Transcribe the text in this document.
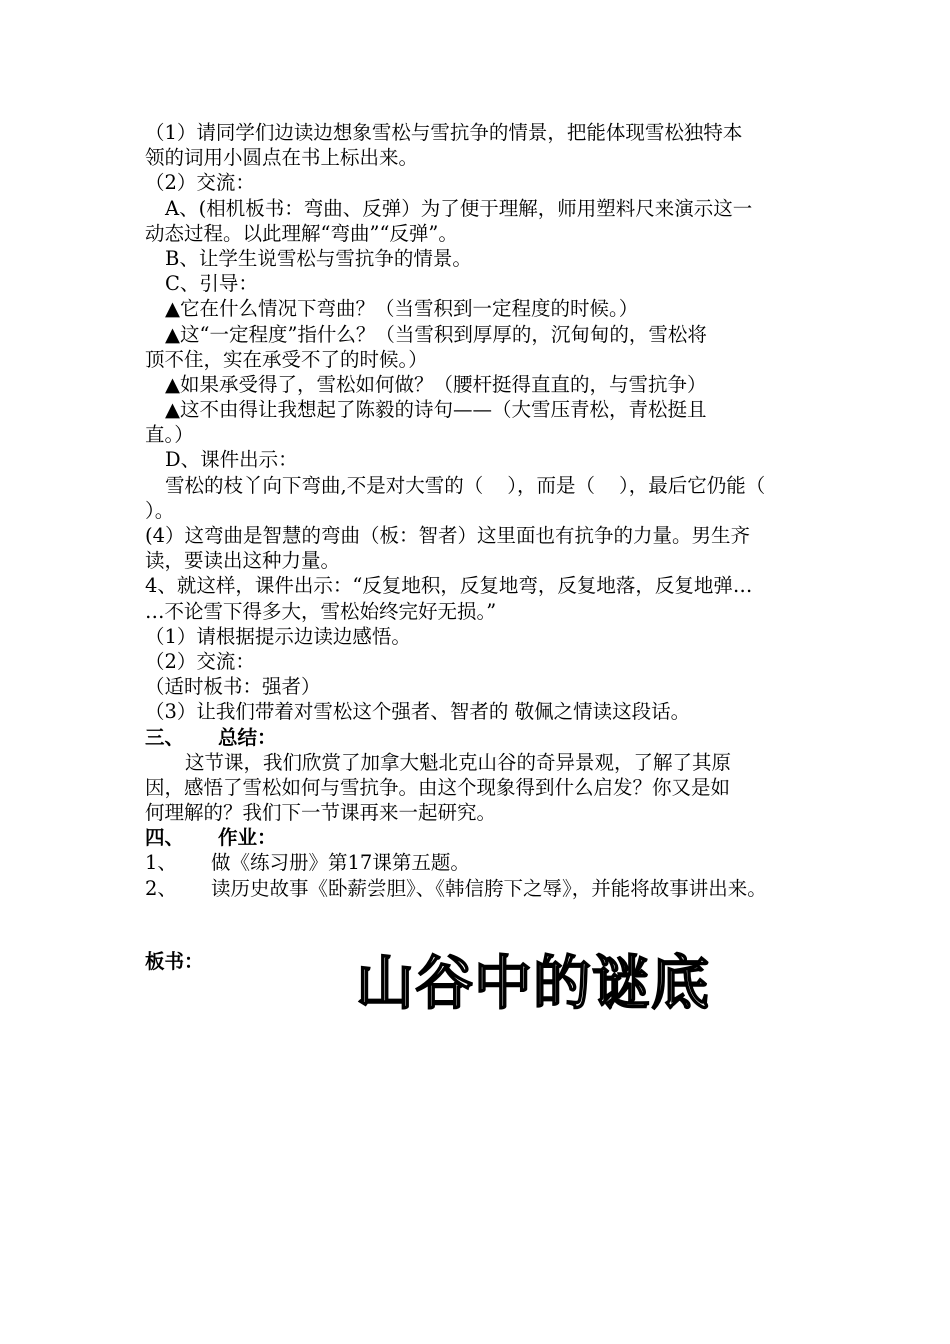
（1）请同学们边读边想象雪松与雪抗争的情景，把能体现雪松独特本
领的词用小圆点在书上标出来。
（2）交流：
A、(相机板书：弯曲、反弹）为了便于理解，师用塑料尺来演示这一
动态过程。以此理解“弯曲”“反弹”。
B、让学生说雪松与雪抗争的情景。
C、引导：
▲它在什么情况下弯曲？（当雪积到一定程度的时候。）
▲这“一定程度”指什么？（当雪积到厚厚的，沉甸甸的，雪松将
顶不住，实在承受不了的时候。）
▲如果承受得了，雪松如何做？（腰杆挺得直直的，与雪抗争）
▲这不由得让我想起了陈毅的诗句——（大雪压青松，青松挺且
直。）
D、课件出示：
雪松的枝丫向下弯曲,不是对大雪的（ ），而是（ ），最后它仍能（
）。
(4）这弯曲是智慧的弯曲（板：智者）这里面也有抗争的力量。男生齐
读，要读出这种力量。
4、就这样，课件出示：“反复地积，反复地弯，反复地落，反复地弹…
…不论雪下得多大，雪松始终完好无损。”
（1）请根据提示边读边感悟。
（2）交流：
（适时板书：强者）
（3）让我们带着对雪松这个强者、智者的 敬佩之情读这段话。
三、 总结：
这节课，我们欣赏了加拿大魁北克山谷的奇异景观，了解了其原
因，感悟了雪松如何与雪抗争。由这个现象得到什么启发？你又是如
何理解的？我们下一节课再来一起研究。
四、 作业：
1、 做《练习册》第17课第五题。
2、 读历史故事《卧薪尝胆》、《韩信胯下之辱》，并能将故事讲出来。
板书：	山谷中的谜底
